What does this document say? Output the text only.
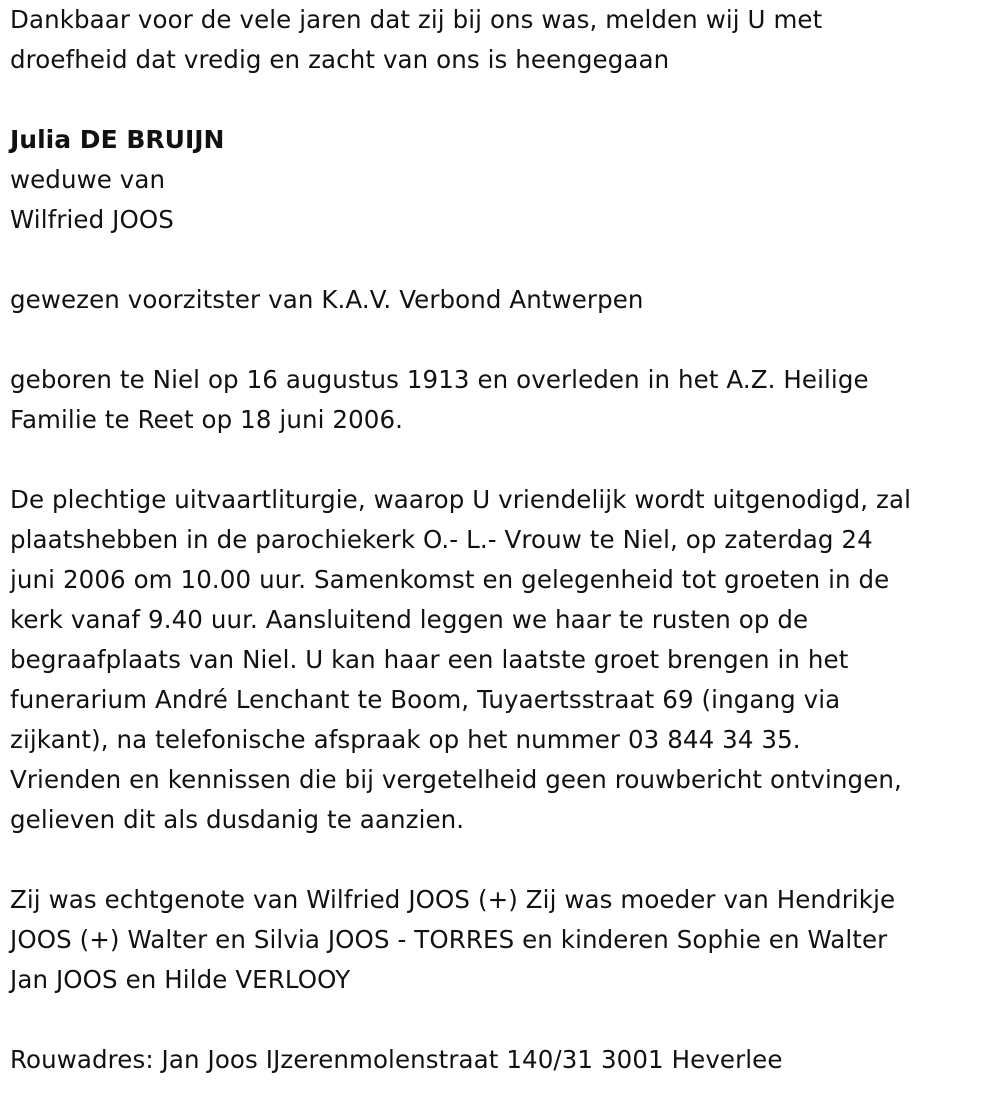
Dankbaar voor de vele jaren dat zij bij ons was, melden wij U met
droefheid dat vredig en zacht van ons is heengegaan
Julia DE BRUIJN
weduwe van
Wilfried JOOS
gewezen voorzitster van K.A.V. Verbond Antwerpen
geboren te Niel op 16 augustus 1913 en overleden in het A.Z. Heilige
Familie te Reet op 18 juni 2006.
De plechtige uitvaartliturgie, waarop U vriendelijk wordt uitgenodigd, zal
plaatshebben in de parochiekerk O.- L.- Vrouw te Niel, op zaterdag 24
juni 2006 om 10.00 uur. Samenkomst en gelegenheid tot groeten in de
kerk vanaf 9.40 uur. Aansluitend leggen we haar te rusten op de
begraafplaats van Niel. U kan haar een laatste groet brengen in het
funerarium André Lenchant te Boom, Tuyaertsstraat 69 (ingang via
zijkant), na telefonische afspraak op het nummer 03 844 34 35.
Vrienden en kennissen die bij vergetelheid geen rouwbericht ontvingen,
gelieven dit als dusdanig te aanzien.
Zij was echtgenote van Wilfried JOOS (+) Zij was moeder van Hendrikje
JOOS (+) Walter en Silvia JOOS - TORRES en kinderen Sophie en Walter
Jan JOOS en Hilde VERLOOY
Rouwadres: Jan Joos IJzerenmolenstraat 140/31 3001 Heverlee
